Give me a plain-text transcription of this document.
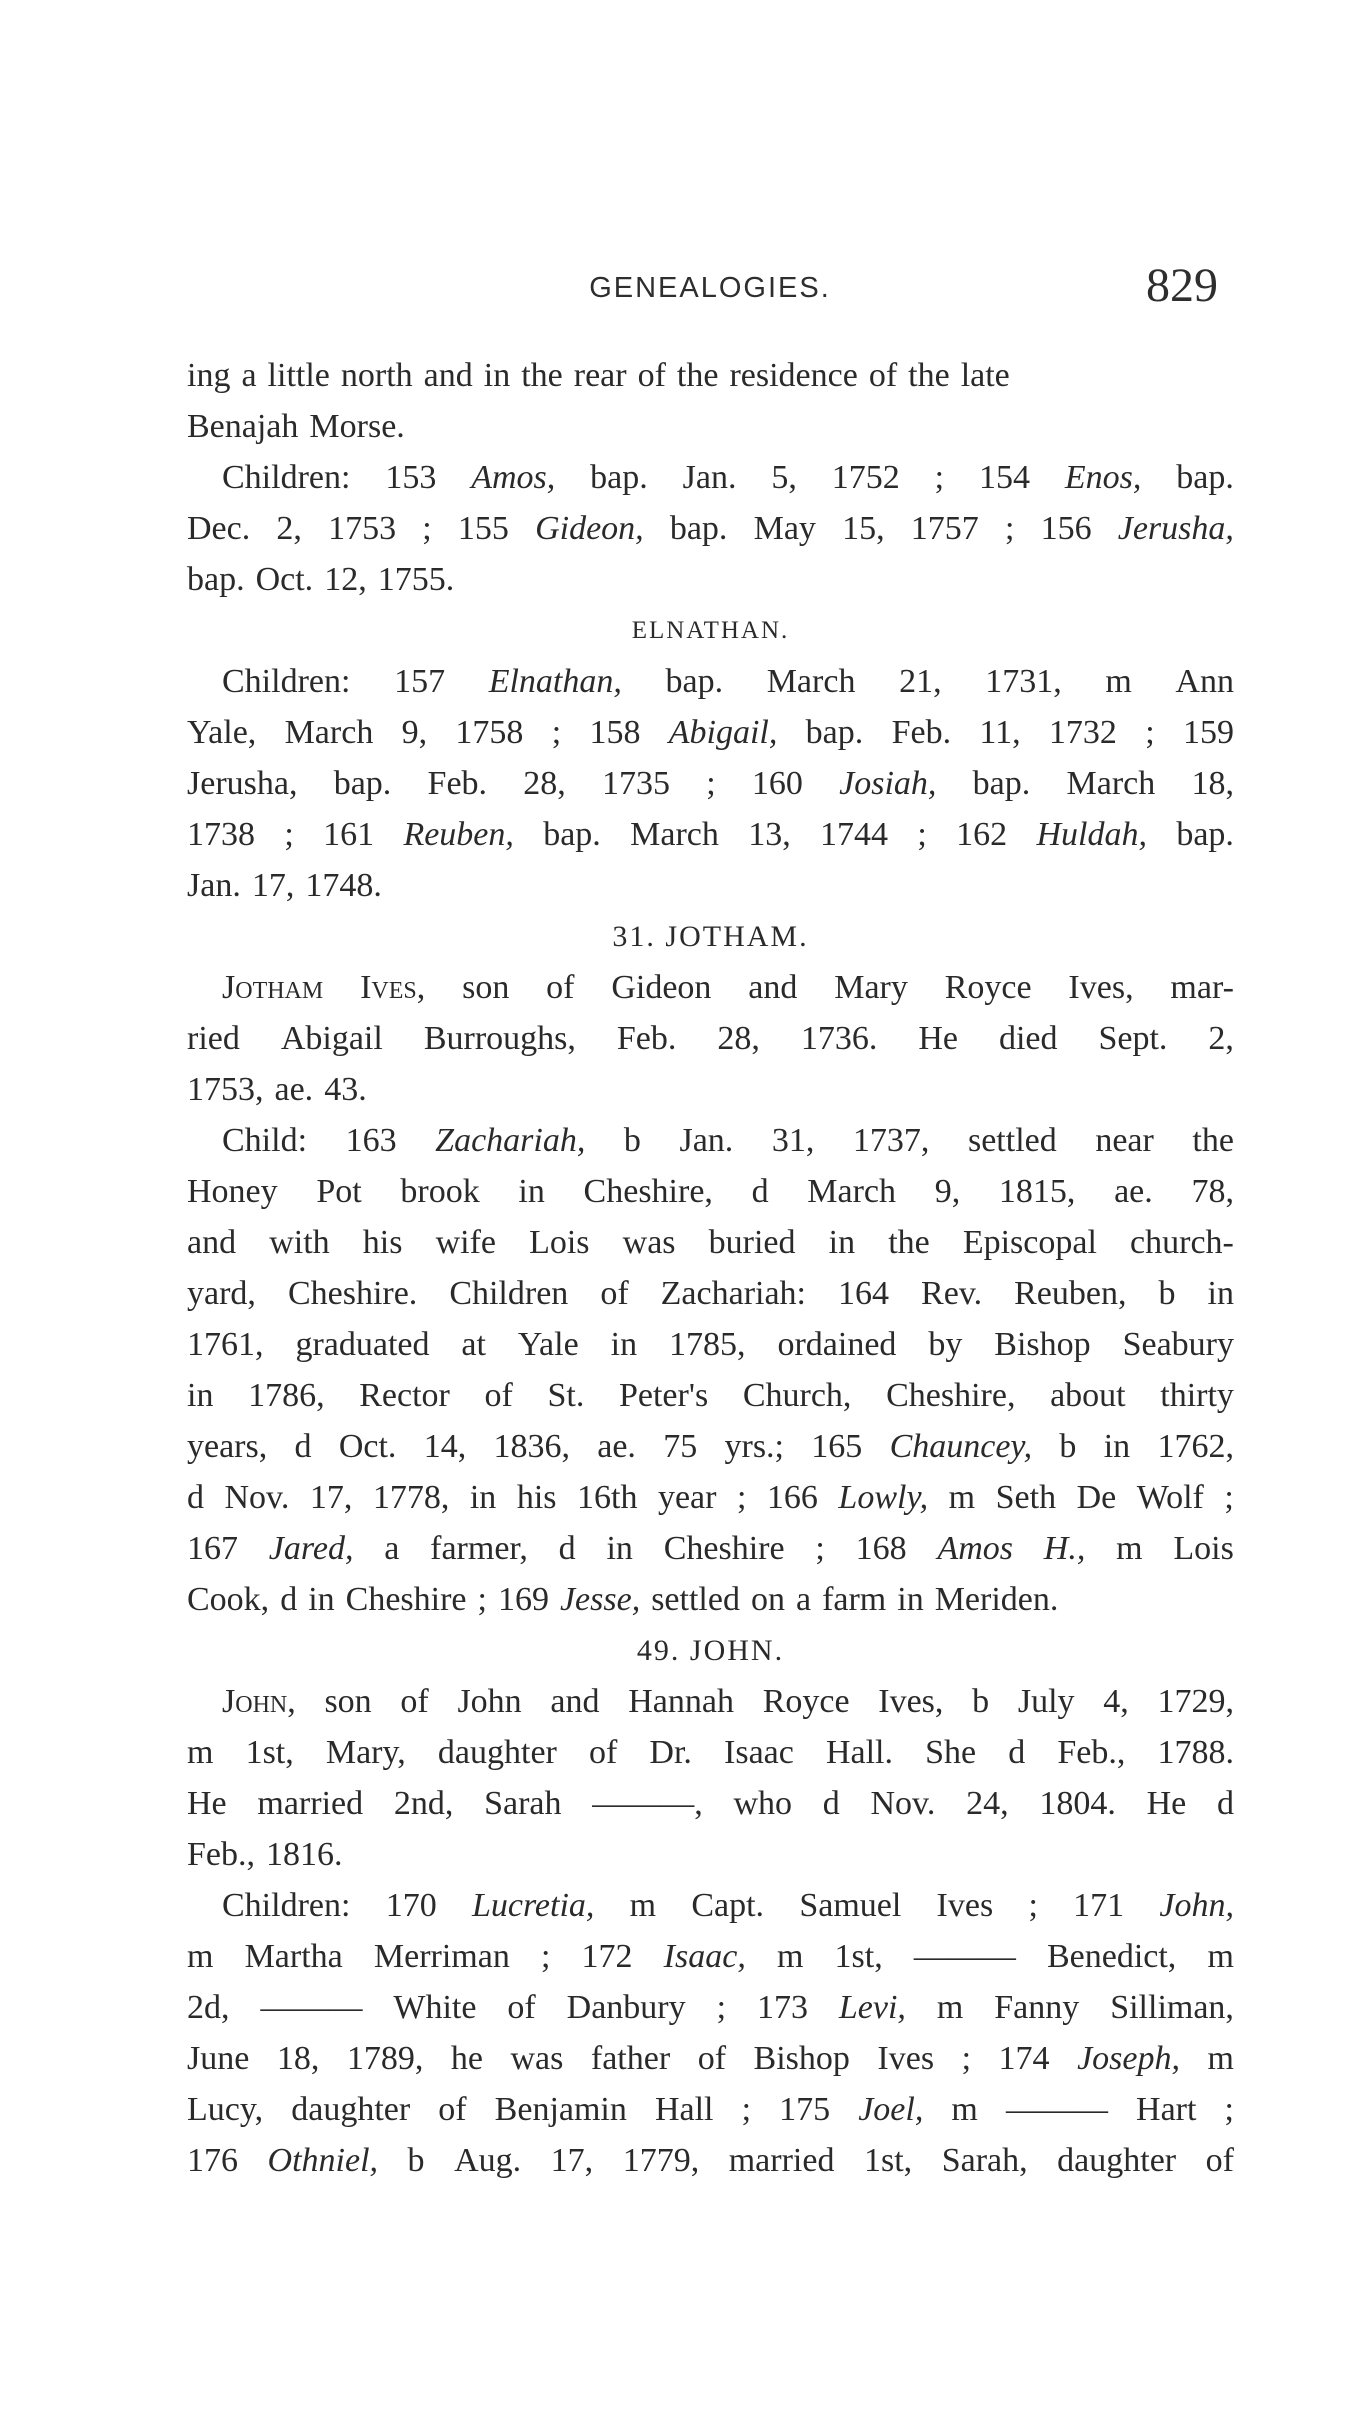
GENEALOGIES.	829
ing a little north and in the rear of the residence of the late
Benajah Morse.
Children: 153 Amos, bap. Jan. 5, 1752 ; 154 Enos, bap.
Dec. 2, 1753 ; 155 Gideon, bap. May 15, 1757 ; 156 Jerusha,
bap. Oct. 12, 1755.
ELNATHAN.
Children: 157 Elnathan, bap. March 21, 1731, m Ann
Yale, March 9, 1758 ; 158 Abigail, bap. Feb. 11, 1732 ; 159
Jerusha, bap. Feb. 28, 1735 ; 160 Josiah, bap. March 18,
1738 ; 161 Reuben, bap. March 13, 1744 ; 162 Huldah, bap.
Jan. 17, 1748.
31. JOTHAM.
Jotham Ives, son of Gideon and Mary Royce Ives, mar-
ried Abigail Burroughs, Feb. 28, 1736. He died Sept. 2,
1753, ae. 43.
Child: 163 Zachariah, b Jan. 31, 1737, settled near the
Honey Pot brook in Cheshire, d March 9, 1815, ae. 78,
and with his wife Lois was buried in the Episcopal church-
yard, Cheshire. Children of Zachariah: 164 Rev. Reuben, b in
1761, graduated at Yale in 1785, ordained by Bishop Seabury
in 1786, Rector of St. Peter's Church, Cheshire, about thirty
years, d Oct. 14, 1836, ae. 75 yrs.; 165 Chauncey, b in 1762,
d Nov. 17, 1778, in his 16th year ; 166 Lowly, m Seth De Wolf ;
167 Jared, a farmer, d in Cheshire ; 168 Amos H., m Lois
Cook, d in Cheshire ; 169 Jesse, settled on a farm in Meriden.
49. JOHN.
John, son of John and Hannah Royce Ives, b July 4, 1729,
m 1st, Mary, daughter of Dr. Isaac Hall. She d Feb., 1788.
He married 2nd, Sarah ———, who d Nov. 24, 1804. He d
Feb., 1816.
Children: 170 Lucretia, m Capt. Samuel Ives ; 171 John,
m Martha Merriman ; 172 Isaac, m 1st, ——— Benedict, m
2d, ——— White of Danbury ; 173 Levi, m Fanny Silliman,
June 18, 1789, he was father of Bishop Ives ; 174 Joseph, m
Lucy, daughter of Benjamin Hall ; 175 Joel, m ——— Hart ;
176 Othniel, b Aug. 17, 1779, married 1st, Sarah, daughter of
